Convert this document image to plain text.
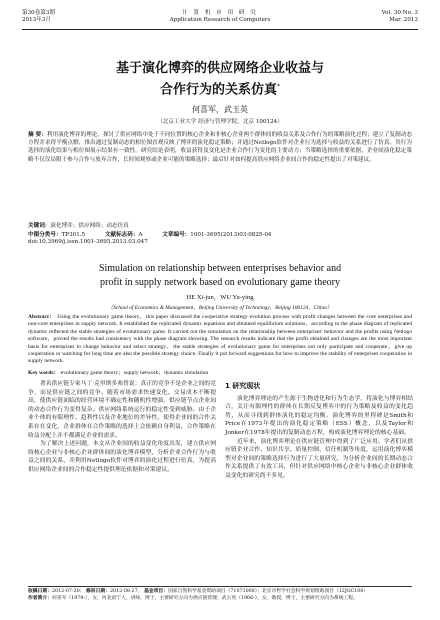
第30卷第3期
2013年3月
计 算 机 应 用 研 究
Application Research of Computers
Vol. 30 No. 3
Mar. 2013
基于演化博弈的供应网络企业收益与
合作行为的关系仿真*
何喜军，武玉英
（北京工业大学 经济与管理学院，北京 100124）
摘 要：利用演化博弈的理论，探讨了供应网络中处于不同位置的核心企业和非核心企业两个群体间的收益关系及合作行为的策略演化过程；建立了复制动态方程并求得平衡点解，推出通过复制动态的相位图直观反映了博弈的演化稳定策略；并通过Netlogo软件对企业行为选择与收益的关系进行了仿真，其行为选择的演化结果与相位图展示结果有一致性。研究结论表明，收益获得及变化是企业合作行为变化的主要动力；当策略选择的重要依据，企业间演化稳定策略不仅仅局限于参与合作与放弃合作，长时间观察或企业可能的策略选择；最后针对如何提高供应网络企业间合作的稳定性提出了对策建议。
关键词：演化博弈；供应网络；动态仿真
中图分类号：TP301.5	文献标志码：A	文章编号：1001-3695(2013)03-0825-04
doi:10.3969/j.issn.1001-3695.2013.03.047
Simulation on relationship between enterprises behavior and
profit in supply network based on evolutionary game theory
HE Xi-jun，WU Yu-ying
（School of Economics & Management，Beijing University of Technology，Beijing 100124，China）
Abstract： Using the evolutionary game theory，this paper discussed the cooperative strategy evolution process with profit changes between the core enterprises and non-core enterprises in supply network. It established the replicated dynamic equations and obtained equilibrium solutions，according to the phase diagram of replicated dynamic reflected the stable strategies of evolutionary game. It carried out the simulation on the relationship between enterprises' behavior and the profits using Netlogo software，proved the results had consistency with the phase diagram showing. The research results indicate that the profit obtained and changes are the most important basis for enterprises to change behavior and select strategy，the stable strategies of evolutionary game for enterprises not only participate and cooperate，give up cooperation or watching for long time are also the possible strategy choice. Finally it put forward suggestions for how to improve the stability of enterprises cooperation in supply network.
Key words： evolutionary game theory；supply network；dynamic simulation

著名供应链专家马丁·克里斯多弗曾说：真正的竞争不是企业之间的竞争，而是供应链之间的竞争。随着市场需求快速变化、交易成本不断提高，使供应链面临的经营环境不确定性和随机性增强，供应链节点企业间的动态合作行为变得复杂。供应网络系统运行的稳定性受到威胁。由于企业个体的有限理性、趋利性以及企业地位的差异性，使得企业间的合作关系存在变化，企业群体在合作策略的选择上会依赖自身利益，合作策略在收益分配上并不都满足企业的需求。

为了解决上述问题，本文从企业间的收益变化角度出发，建立供应网络核心企业与非核心企业群体间的演化博弈模型，分析企业合作行为与收益之间的关系，并利用Netlogo软件对博弈的演化过程进行仿真，为提高供应网络企业间的合作稳定性提供理论依据和对策建议。

1 研究现状

演化博弈理论的产生源于生物进化和行为生态学，将演化与博弈相结合，关注有限理性的群体在长期反复博弈中的行为策略及收益的变化趋势，从而寻找到群体演化的稳定均衡。演化博弈的里程碑是Smith和Price在1973年提出的演化稳定策略（ESS）概念，以及Taylor和Jonker在1978年提出的复制动态方程，构成演化博弈理论的核心基础。

近年来，演化博弈理论在供应链管理中得到了广泛应用。学者们从供应链企业合作、知识共享、质量控制、信任机制等角度，运用演化博弈模型对企业间的策略选择行为进行了大量研究，为分析企业间的长期动态合作关系提供了有效工具，但针对供应网络中核心企业与非核心企业群体收益变化的研究尚不多见。

收稿日期：2012-07-20； 修回日期：2012-08-27。 基金项目：国家自然科学基金资助项目（71071008）；北京市哲学社会科学规划资助项目（12JGC106）
作者简介：何喜军（1979-），女，河北肃宁人，讲师，博士，主要研究方向为供应链管理；武玉英（1966-），女，教授，博士，主要研究方向为系统工程。
